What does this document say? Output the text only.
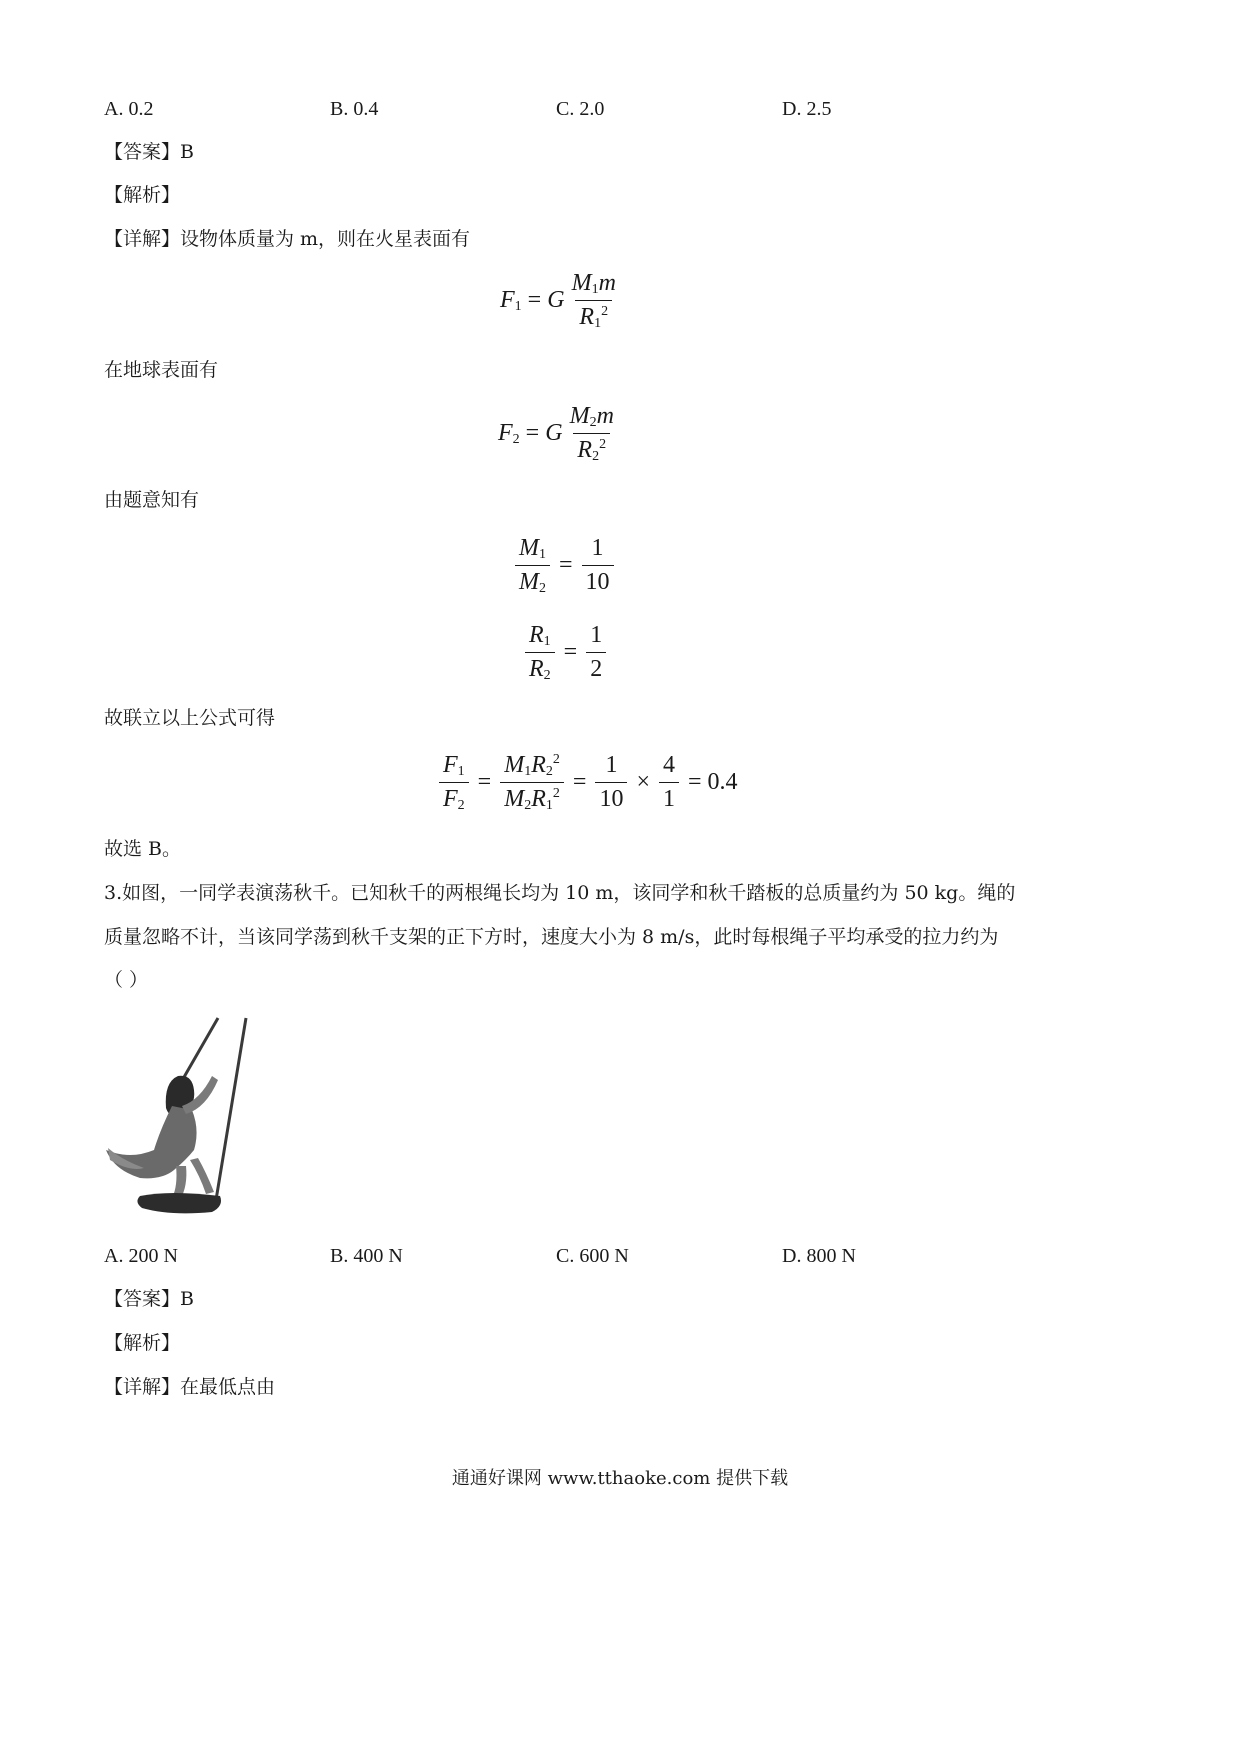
A. 0.2	B. 0.4	C. 2.0	D. 2.5
【答案】B
【解析】
【详解】设物体质量为 m，则在火星表面有
$F_1 = G \frac{M_1m}{R_1^2}$
在地球表面有
$F_2 = G \frac{M_2m}{R_2^2}$
由题意知有
$\frac{M_1}{M_2} = \frac{1}{10}$
$\frac{R_1}{R_2} = \frac{1}{2}$
故联立以上公式可得
$\frac{F_1}{F_2} = \frac{M_1R_2^2}{M_2R_1^2} = \frac{1}{10} \times \frac{4}{1} = 0.4$
故选 B。
3.如图，一同学表演荡秋千。已知秋千的两根绳长均为 10 m，该同学和秋千踏板的总质量约为 50 kg。绳的
质量忽略不计，当该同学荡到秋千支架的正下方时，速度大小为 8 m/s，此时每根绳子平均承受的拉力约为
（ ）
A. 200 N	B. 400 N	C. 600 N	D. 800 N
【答案】B
【解析】
【详解】在最低点由
通通好课网 www.tthaoke.com 提供下载
